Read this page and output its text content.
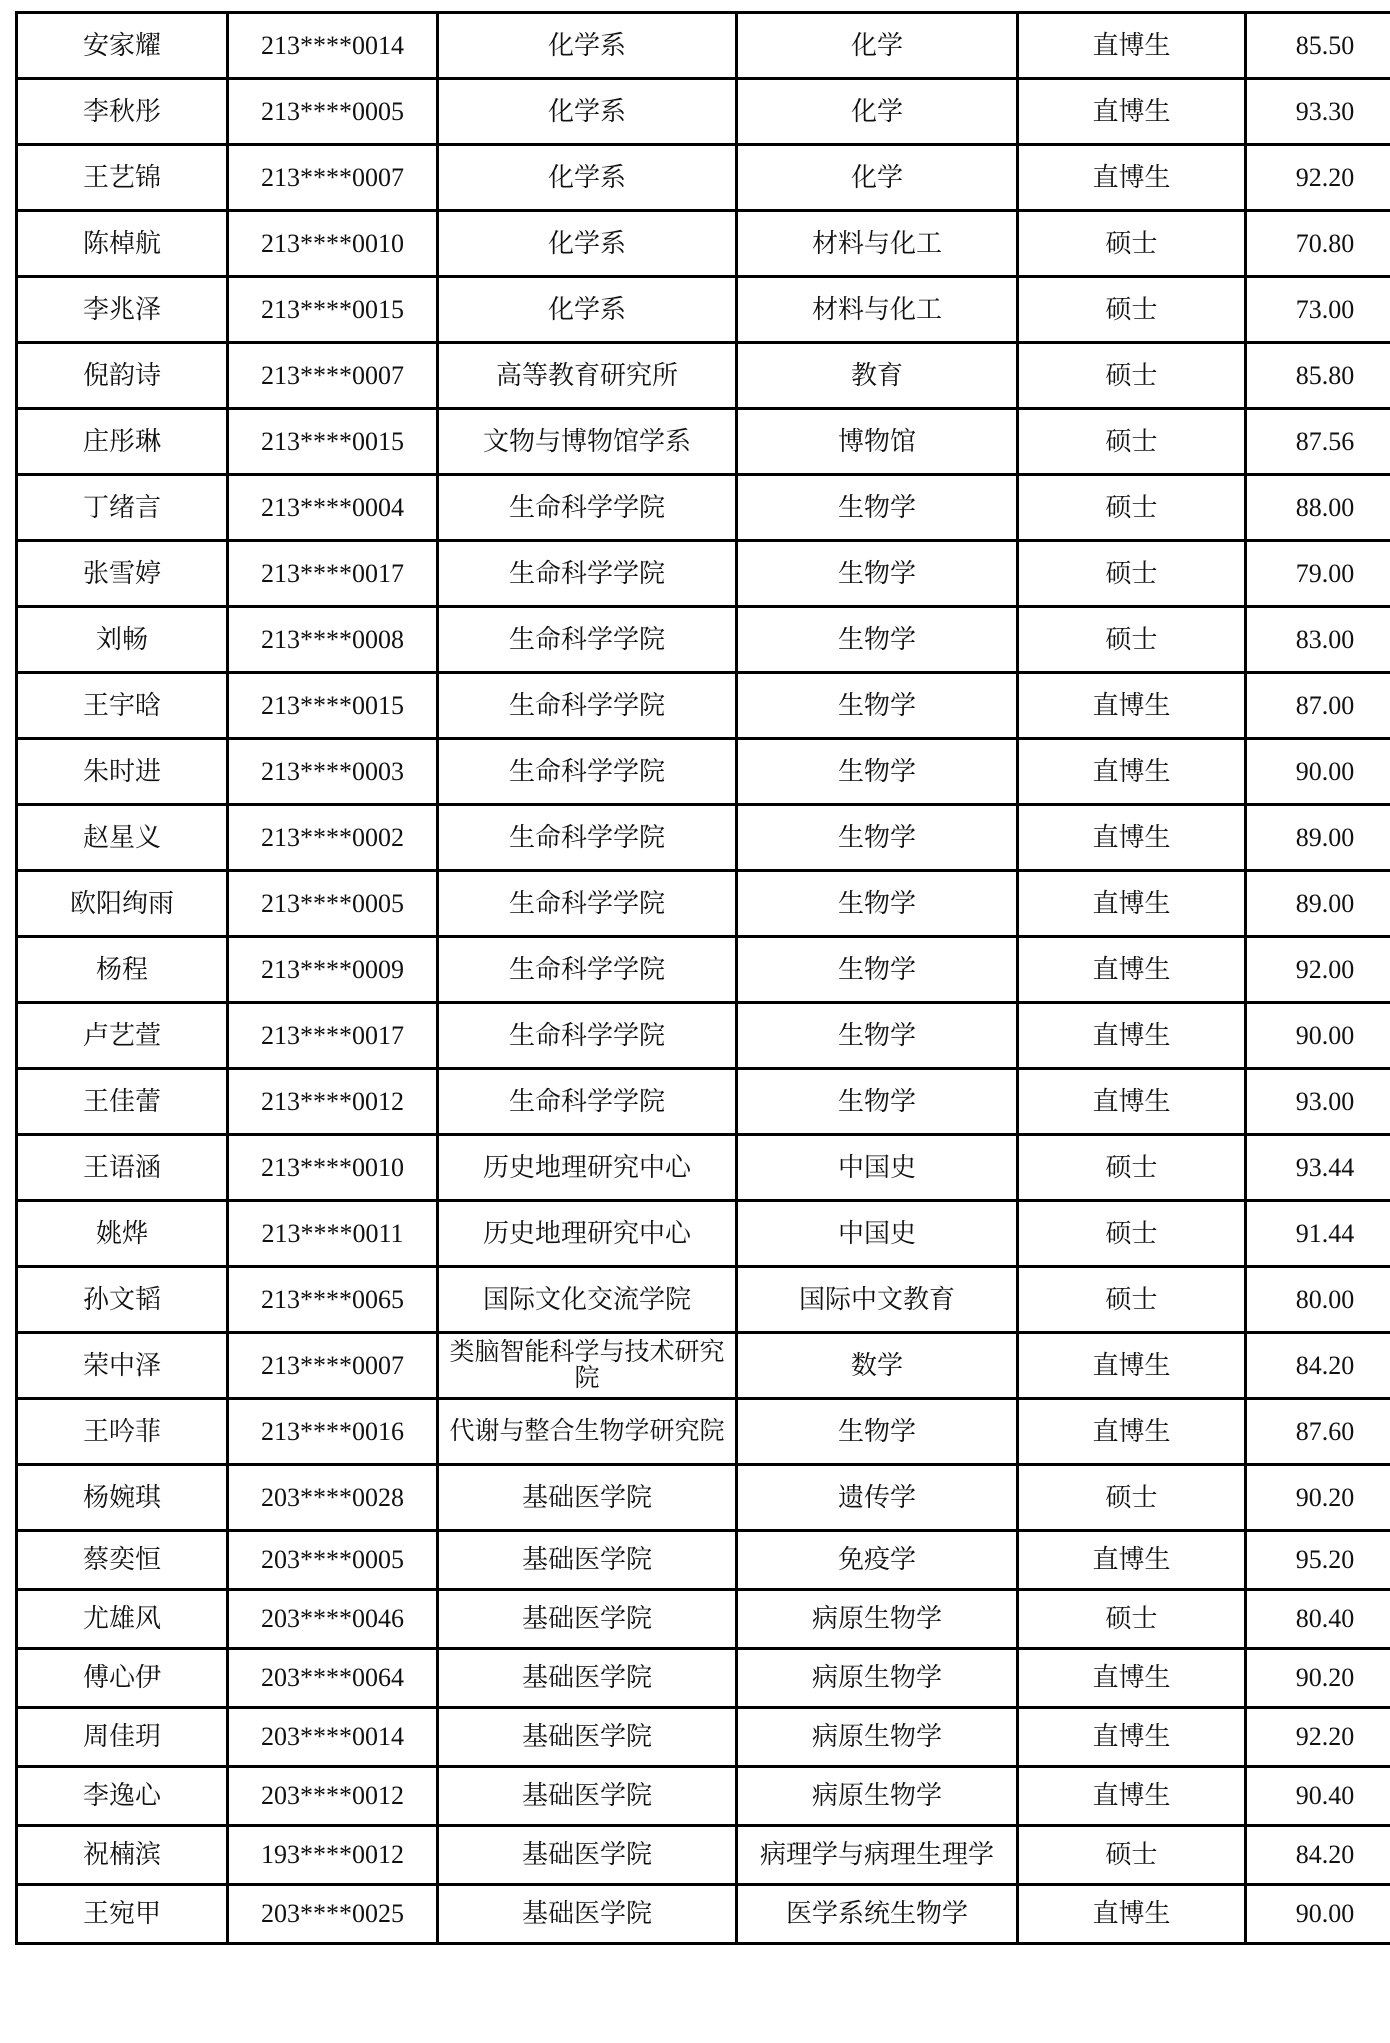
安家耀	213****0014	化学系	化学	直博生	85.50
李秋彤	213****0005	化学系	化学	直博生	93.30
王艺锦	213****0007	化学系	化学	直博生	92.20
陈棹航	213****0010	化学系	材料与化工	硕士	70.80
李兆泽	213****0015	化学系	材料与化工	硕士	73.00
倪韵诗	213****0007	高等教育研究所	教育	硕士	85.80
庄彤琳	213****0015	文物与博物馆学系	博物馆	硕士	87.56
丁绪言	213****0004	生命科学学院	生物学	硕士	88.00
张雪婷	213****0017	生命科学学院	生物学	硕士	79.00
刘畅	213****0008	生命科学学院	生物学	硕士	83.00
王宇晗	213****0015	生命科学学院	生物学	直博生	87.00
朱时进	213****0003	生命科学学院	生物学	直博生	90.00
赵星义	213****0002	生命科学学院	生物学	直博生	89.00
欧阳绚雨	213****0005	生命科学学院	生物学	直博生	89.00
杨程	213****0009	生命科学学院	生物学	直博生	92.00
卢艺萱	213****0017	生命科学学院	生物学	直博生	90.00
王佳蕾	213****0012	生命科学学院	生物学	直博生	93.00
王语涵	213****0010	历史地理研究中心	中国史	硕士	93.44
姚烨	213****0011	历史地理研究中心	中国史	硕士	91.44
孙文韬	213****0065	国际文化交流学院	国际中文教育	硕士	80.00
荣中泽	213****0007	类脑智能科学与技术研究院	数学	直博生	84.20
王吟菲	213****0016	代谢与整合生物学研究院	生物学	直博生	87.60
杨婉琪	203****0028	基础医学院	遗传学	硕士	90.20
蔡奕恒	203****0005	基础医学院	免疫学	直博生	95.20
尤雄风	203****0046	基础医学院	病原生物学	硕士	80.40
傅心伊	203****0064	基础医学院	病原生物学	直博生	90.20
周佳玥	203****0014	基础医学院	病原生物学	直博生	92.20
李逸心	203****0012	基础医学院	病原生物学	直博生	90.40
祝楠滨	193****0012	基础医学院	病理学与病理生理学	硕士	84.20
王宛甲	203****0025	基础医学院	医学系统生物学	直博生	90.00
